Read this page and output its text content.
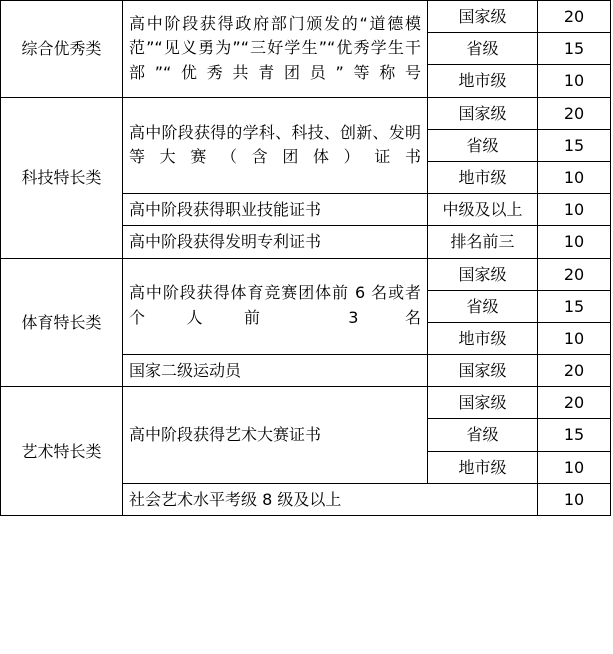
综合优秀类	高中阶段获得政府部门颁发的“道德模范”“见义勇为”“三好学生”“优秀学生干部”“优秀共青团员”等称号	国家级	20
		省级	15
		地市级	10
科技特长类	高中阶段获得的学科、科技、创新、发明等大赛（含团体）证书	国家级	20
		省级	15
		地市级	10
	高中阶段获得职业技能证书	中级及以上	10
	高中阶段获得发明专利证书	排名前三	10
体育特长类	高中阶段获得体育竞赛团体前 6 名或者个人前 3 名	国家级	20
		省级	15
		地市级	10
	国家二级运动员	国家级	20
艺术特长类	高中阶段获得艺术大赛证书	国家级	20
		省级	15
		地市级	10
	社会艺术水平考级 8 级及以上		10
